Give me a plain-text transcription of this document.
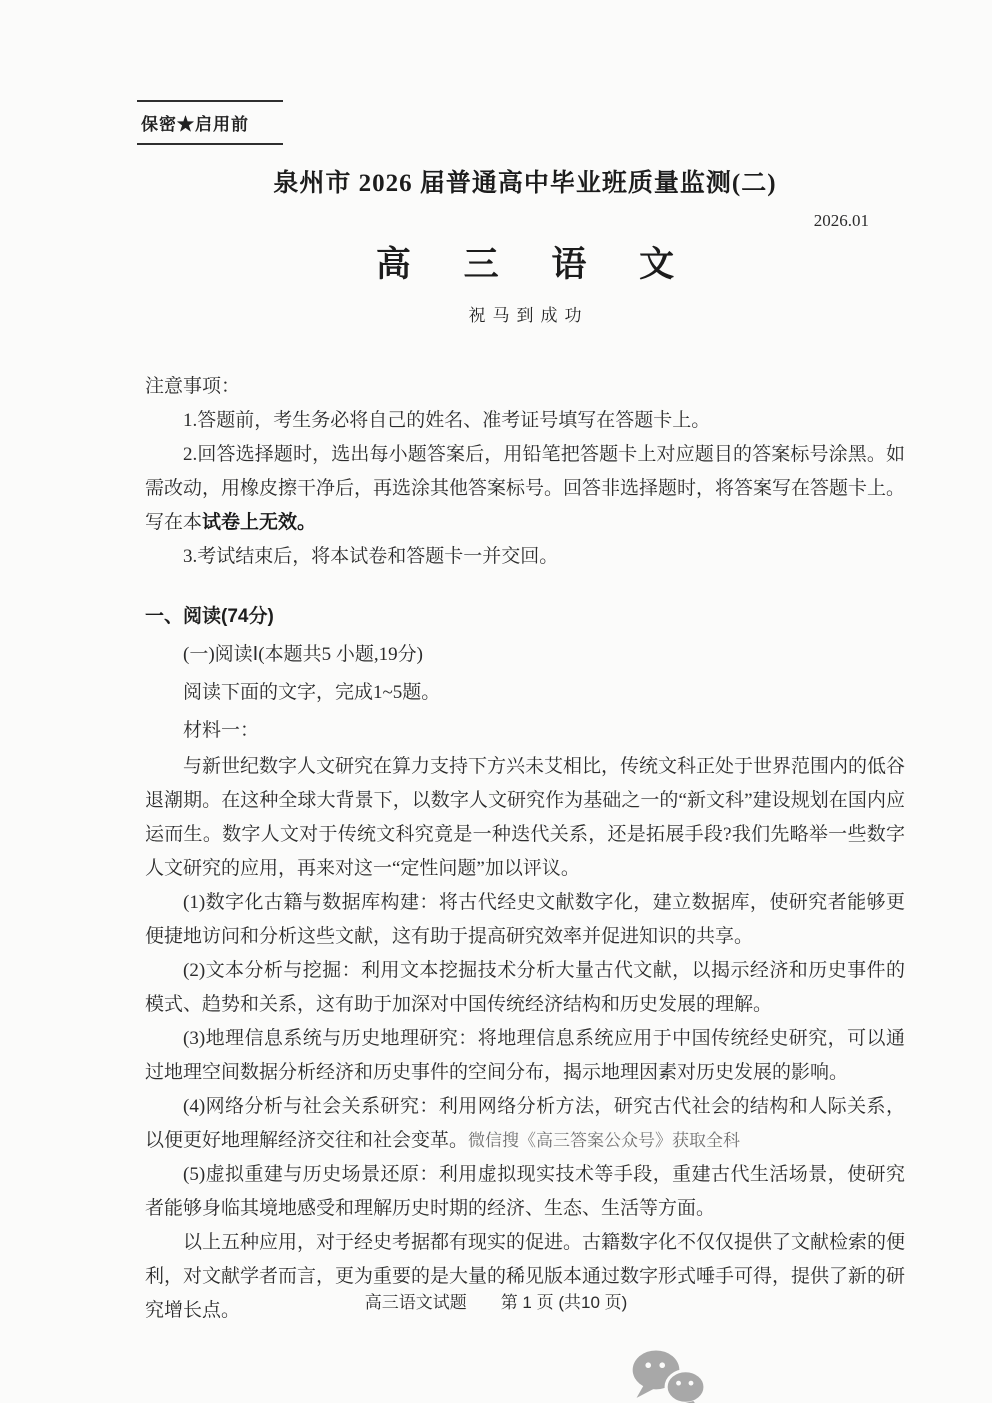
保密★启用前
泉州市 2026 届普通高中毕业班质量监测(二)
2026.01
高 三 语 文
祝马到成功
注意事项：

1.答题前，考生务必将自己的姓名、准考证号填写在答题卡上。

2.回答选择题时，选出每小题答案后，用铅笔把答题卡上对应题目的答案标号涂黑。如需改动，用橡皮擦干净后，再选涂其他答案标号。回答非选择题时，将答案写在答题卡上。写在本试卷上无效。

3.考试结束后，将本试卷和答题卡一并交回。

一、阅读(74分)
(一)阅读Ⅰ(本题共5 小题,19分)
阅读下面的文字，完成1~5题。
材料一：

与新世纪数字人文研究在算力支持下方兴未艾相比，传统文科正处于世界范围内的低谷退潮期。在这种全球大背景下，以数字人文研究作为基础之一的“新文科”建设规划在国内应运而生。数字人文对于传统文科究竟是一种迭代关系，还是拓展手段?我们先略举一些数字人文研究的应用，再来对这一“定性问题”加以评议。

(1)数字化古籍与数据库构建：将古代经史文献数字化，建立数据库，使研究者能够更便捷地访问和分析这些文献，这有助于提高研究效率并促进知识的共享。

(2)文本分析与挖掘：利用文本挖掘技术分析大量古代文献，以揭示经济和历史事件的模式、趋势和关系，这有助于加深对中国传统经济结构和历史发展的理解。

(3)地理信息系统与历史地理研究：将地理信息系统应用于中国传统经史研究，可以通过地理空间数据分析经济和历史事件的空间分布，揭示地理因素对历史发展的影响。

(4)网络分析与社会关系研究：利用网络分析方法，研究古代社会的结构和人际关系，以便更好地理解经济交往和社会变革。微信搜《高三答案公众号》获取全科

(5)虚拟重建与历史场景还原：利用虚拟现实技术等手段，重建古代生活场景，使研究者能够身临其境地感受和理解历史时期的经济、生态、生活等方面。

以上五种应用，对于经史考据都有现实的促进。古籍数字化不仅仅提供了文献检索的便利，对文献学者而言，更为重要的是大量的稀见版本通过数字形式唾手可得，提供了新的研究增长点。	高三语文试题 第 1 页 (共10 页)
